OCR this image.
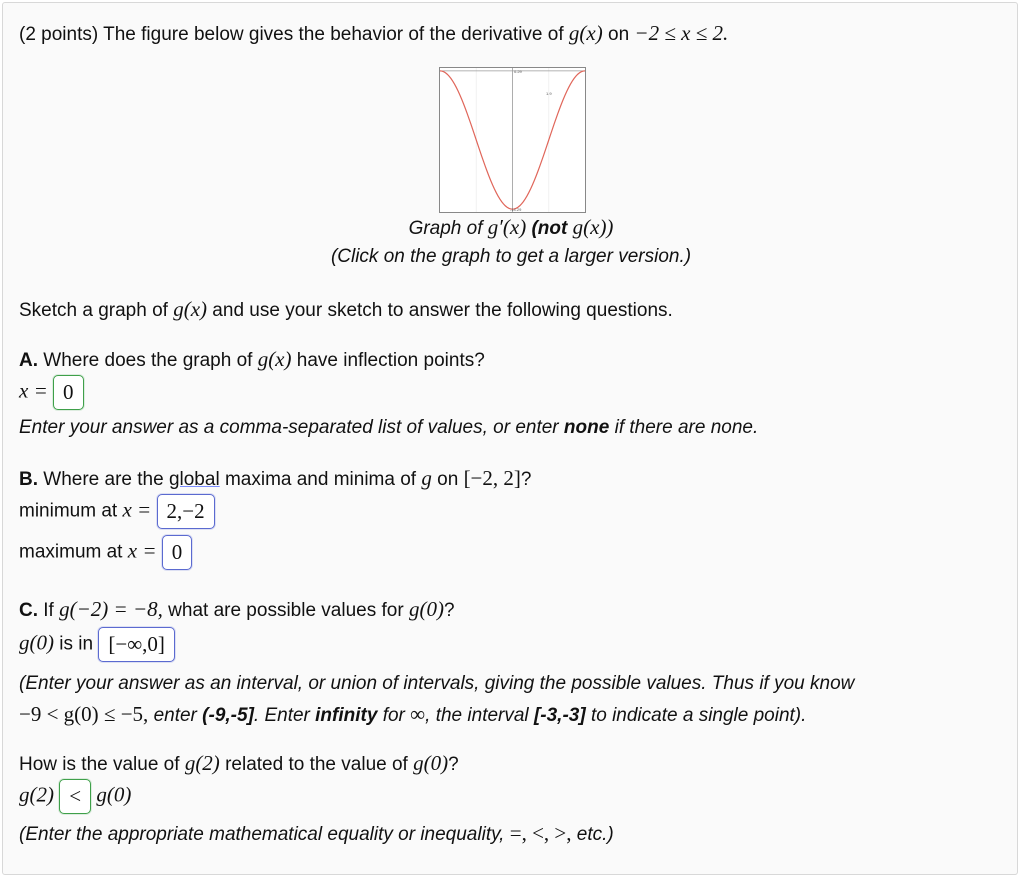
(2 points) The figure below gives the behavior of the derivative of g(x) on −2 ≤ x ≤ 2.
0.29
1.9
-14.29
Graph of g′(x) (not g(x))
(Click on the graph to get a larger version.)
Sketch a graph of g(x) and use your sketch to answer the following questions.
A. Where does the graph of g(x) have inflection points?
x = 0
Enter your answer as a comma-separated list of values, or enter none if there are none.
B. Where are the global maxima and minima of g on [−2, 2]?
minimum at x = 2,−2
maximum at x = 0
C. If g(−2) = −8, what are possible values for g(0)?
g(0) is in [−∞,0]
(Enter your answer as an interval, or union of intervals, giving the possible values. Thus if you know
−9 < g(0) ≤ −5, enter (-9,-5]. Enter infinity for ∞, the interval [-3,-3] to indicate a single point).
How is the value of g(2) related to the value of g(0)?
g(2) < g(0)
(Enter the appropriate mathematical equality or inequality, =, <, >, etc.)
